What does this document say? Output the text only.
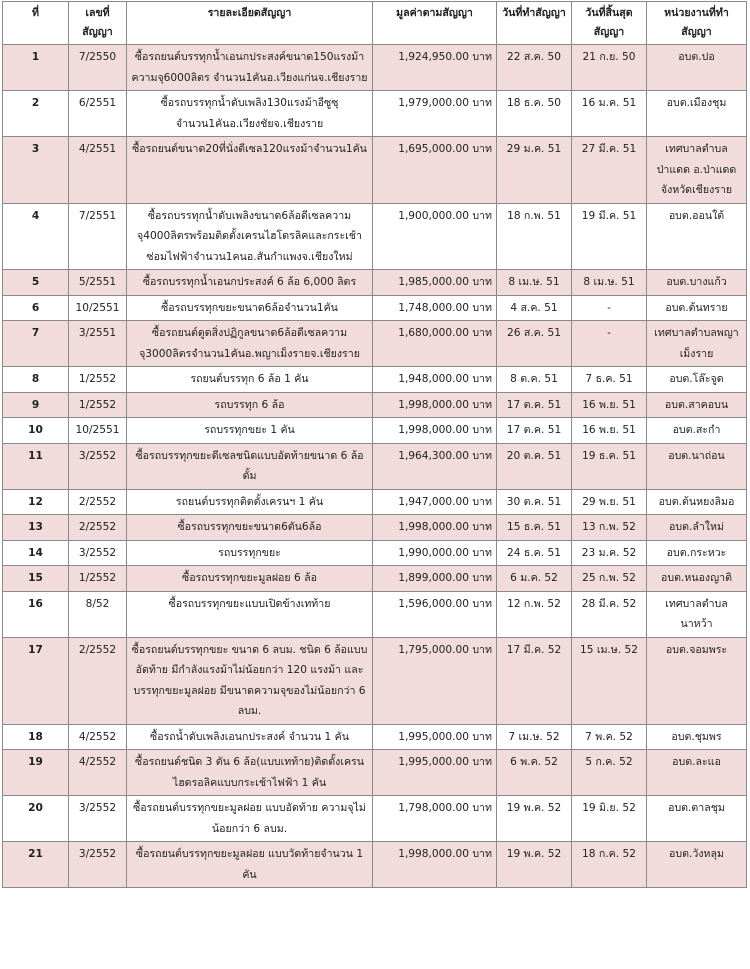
ที่	เลขที่สัญญา	รายละเอียดสัญญา	มูลค่าตามสัญญา	วันที่ทำสัญญา	วันที่สิ้นสุดสัญญา	หน่วยงานที่ทำสัญญา
1	7/2550	ซื้อรถยนต์บรรทุกน้ำเอนกประสงค์ขนาด150แรงม้าความจุ6000ลิตร จำนวน1คันอ.เวียงแก่นจ.เชียงราย	1,924,950.00 บาท	22 ส.ค. 50	21 ก.ย. 50	อบต.ปอ
2	6/2551	ซื้อรถบรรทุกน้ำดับเพลิง130แรงม้าอีซูซุจำนวน1คันอ.เวียงชัยจ.เชียงราย	1,979,000.00 บาท	18 ธ.ค. 50	16 ม.ค. 51	อบต.เมืองชุม
3	4/2551	ซื้อรถยนต์ขนาด20ที่นั่งดีเซล120แรงม้าจำนวน1คัน	1,695,000.00 บาท	29 ม.ค. 51	27 มี.ค. 51	เทศบาลตำบลป่าแดด อ.ป่าแดด จังหวัดเชียงราย
4	7/2551	ซื้อรถบรรทุกน้ำดับเพลิงขนาด6ล้อดีเซลความจุ4000ลิตรพร้อมติดตั้งเครนไฮโดรลิคและกระเช้าซ่อมไฟฟ้าจำนวน1คนอ.สันกำแพงจ.เชียงใหม่	1,900,000.00 บาท	18 ก.พ. 51	19 มี.ค. 51	อบต.ออนใต้
5	5/2551	ซื้อรถบรรทุกน้ำเอนกประสงค์ 6 ล้อ 6,000 ลิตร	1,985,000.00 บาท	8 เม.ษ. 51	8 เม.ษ. 51	อบต.บางแก้ว
6	10/2551	ซื้อรถบรรทุกขยะขนาด6ล้อจำนวน1คัน	1,748,000.00 บาท	4 ส.ค. 51	-	อบต.ต้นทราย
7	3/2551	ซื้อรถยนต์ดูดสิ่งปฏิกูลขนาด6ล้อดีเซลความจุ3000ลิตรจำนวน1คันอ.พญาเม็งรายจ.เชียงราย	1,680,000.00 บาท	26 ส.ค. 51	-	เทศบาลตำบลพญาเม็งราย
8	1/2552	รถยนต์บรรทุก 6 ล้อ 1 คัน	1,948,000.00 บาท	8 ต.ค. 51	7 ธ.ค. 51	อบต.โล๊ะจูด
9	1/2552	รถบรรทุก 6 ล้อ	1,998,000.00 บาท	17 ต.ค. 51	16 พ.ย. 51	อบต.สาคอบน
10	10/2551	รถบรรทุกขยะ 1 คัน	1,998,000.00 บาท	17 ต.ค. 51	16 พ.ย. 51	อบต.สะกำ
11	3/2552	ซื้อรถบรรทุกขยะดีเซลชนิดแบบอัดท้ายขนาด 6 ล้อดั้ม	1,964,300.00 บาท	20 ต.ค. 51	19 ธ.ค. 51	อบต.นาถ่อน
12	2/2552	รถยนต์บรรทุกติดตั้งเครนฯ 1 คัน	1,947,000.00 บาท	30 ต.ค. 51	29 พ.ย. 51	อบต.ต้นหยงลิมอ
13	2/2552	ซื้อรถบรรทุกขยะขนาด6ตัน6ล้อ	1,998,000.00 บาท	15 ธ.ค. 51	13 ก.พ. 52	อบต.ลำใหม่
14	3/2552	รถบรรทุกขยะ	1,990,000.00 บาท	24 ธ.ค. 51	23 ม.ค. 52	อบต.กระหวะ
15	1/2552	ซื้อรถบรรทุกขยะมูลฝอย 6 ล้อ	1,899,000.00 บาท	6 ม.ค. 52	25 ก.พ. 52	อบต.หนองญาติ
16	8/52	ซื้อรถบรรทุกขยะแบบเปิดข้างเทท้าย	1,596,000.00 บาท	12 ก.พ. 52	28 มี.ค. 52	เทศบาลตำบลนาหว้า
17	2/2552	ซื้อรถยนต์บรรทุกขยะ ขนาด 6 ลบม. ชนิด 6 ล้อแบบอัดท้าย มีกำลังแรงม้าไม่น้อยกว่า 120 แรงม้า และบรรทุกขยะมูลฝอย มีขนาดความจุของไม่น้อยกว่า 6 ลบม.	1,795,000.00 บาท	17 มี.ค. 52	15 เม.ษ. 52	อบต.จอมพระ
18	4/2552	ซื้อรถน้ำดับเพลิงเอนกประสงค์ จำนวน 1 คัน	1,995,000.00 บาท	7 เม.ษ. 52	7 พ.ค. 52	อบต.ชุมพร
19	4/2552	ซื้อรถยนต์ชนิด 3 ตัน 6 ล้อ(แบบเทท้าย)ติดตั้งเครนไฮดรอลิคแบบกระเช้าไฟฟ้า 1 คัน	1,995,000.00 บาท	6 พ.ค. 52	5 ก.ค. 52	อบต.ละแอ
20	3/2552	ซื้อรถยนต์บรรทุกขยะมูลฝอย แบบอัดท้าย ความจุไม่น้อยกว่า 6 ลบม.	1,798,000.00 บาท	19 พ.ค. 52	19 มิ.ย. 52	อบต.ตาลชุม
21	3/2552	ซื้อรถยนต์บรรทุกขยะมูลฝอย แบบวัดท้ายจำนวน 1 คัน	1,998,000.00 บาท	19 พ.ค. 52	18 ก.ค. 52	อบต.วังหลุม
